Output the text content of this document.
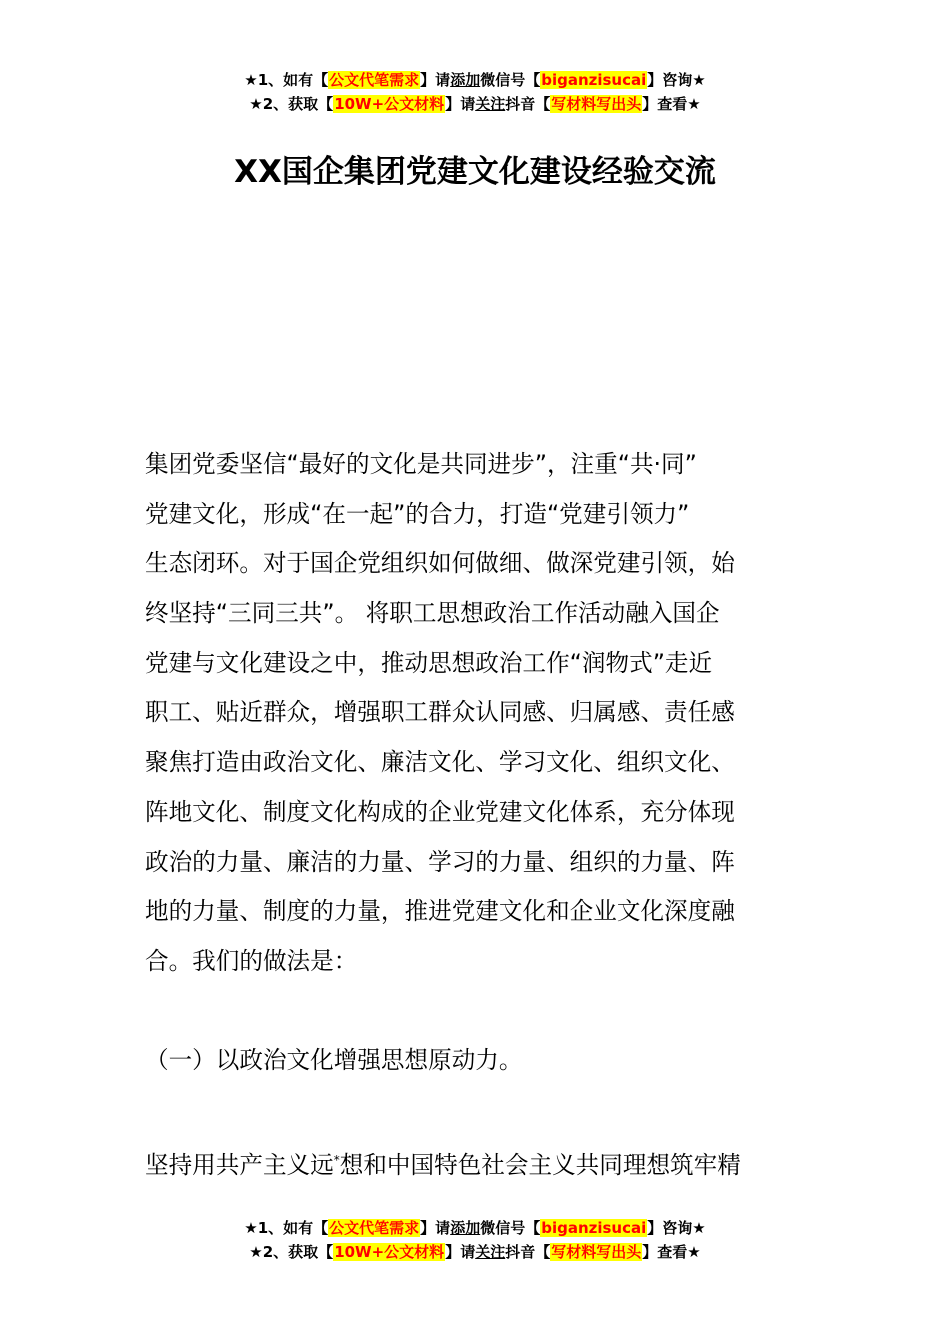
★1、如有【公文代笔需求】请添加微信号【biganzisucai】咨询★
★2、获取【10W+公文材料】请关注抖音【写材料写出头】查看★
XX国企集团党建文化建设经验交流
集团党委坚信“最好的文化是共同进步”，注重“共·同”
党建文化，形成“在一起”的合力，打造“党建引领力”
生态闭环。对于国企党组织如何做细、做深党建引领，始
终坚持“三同三共”。 将职工思想政治工作活动融入国企
党建与文化建设之中，推动思想政治工作“润物式”走近
职工、贴近群众，增强职工群众认同感、归属感、责任感
聚焦打造由政治文化、廉洁文化、学习文化、组织文化、
阵地文化、制度文化构成的企业党建文化体系，充分体现
政治的力量、廉洁的力量、学习的力量、组织的力量、阵
地的力量、制度的力量，推进党建文化和企业文化深度融
合。我们的做法是：
（一）以政治文化增强思想原动力。
坚持用共产主义远*想和中国特色社会主义共同理想筑牢精
★1、如有【公文代笔需求】请添加微信号【biganzisucai】咨询★
★2、获取【10W+公文材料】请关注抖音【写材料写出头】查看★
